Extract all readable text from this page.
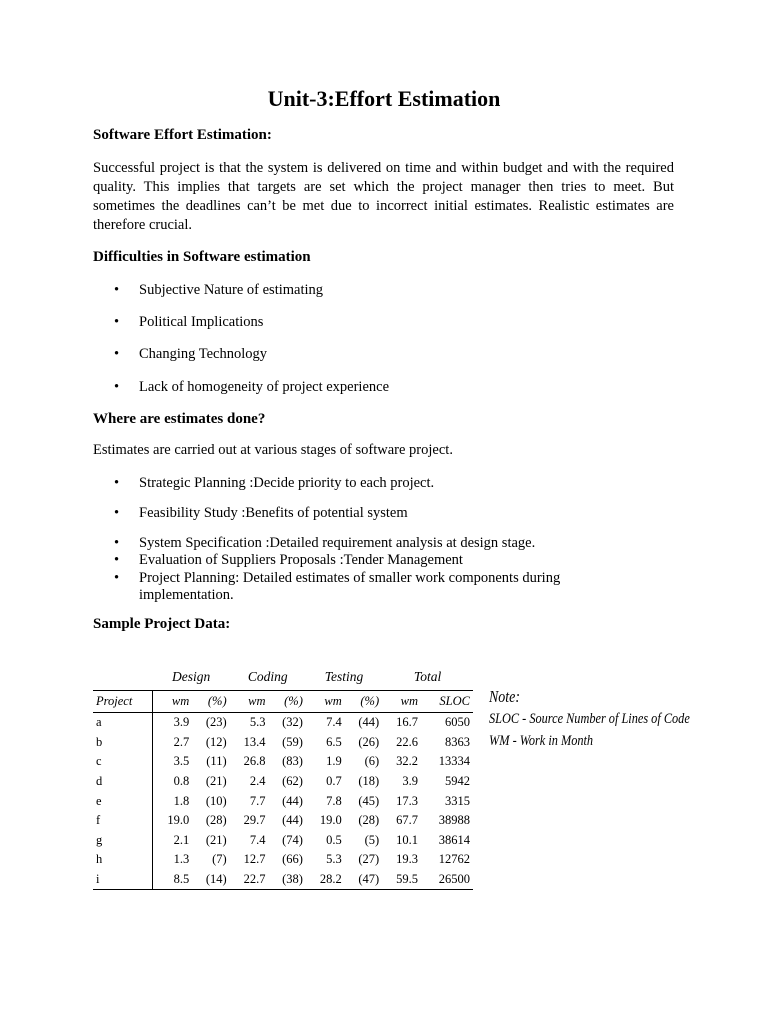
Unit-3:Effort Estimation

Software Effort Estimation:

Successful project is that the system is delivered on time and within budget and with the required quality. This implies that targets are set which the project manager then tries to meet. But sometimes the deadlines can’t be met due to incorrect initial estimates. Realistic estimates are therefore crucial.

Difficulties in Software estimation

• Subjective Nature of estimating

• Political Implications

• Changing Technology

• Lack of homogeneity of project experience

Where are estimates done?

Estimates are carried out at various stages of software project.

• Strategic Planning :Decide priority to each project.

• Feasibility Study :Benefits of potential system

• System Specification :Detailed requirement analysis at design stage.

• Evaluation of Suppliers Proposals :Tender Management

• Project Planning: Detailed estimates of smaller work components during implementation.

Sample Project Data:

	Design		Coding		Testing		Total	
Project	wm	(%)	wm	(%)	wm	(%)	wm	SLOC
a	3.9	(23)	5.3	(32)	7.4	(44)	16.7	6050
b	2.7	(12)	13.4	(59)	6.5	(26)	22.6	8363
c	3.5	(11)	26.8	(83)	1.9	(6)	32.2	13334
d	0.8	(21)	2.4	(62)	0.7	(18)	3.9	5942
e	1.8	(10)	7.7	(44)	7.8	(45)	17.3	3315
f	19.0	(28)	29.7	(44)	19.0	(28)	67.7	38988
g	2.1	(21)	7.4	(74)	0.5	(5)	10.1	38614
h	1.3	(7)	12.7	(66)	5.3	(27)	19.3	12762
i	8.5	(14)	22.7	(38)	28.2	(47)	59.5	26500
Note:
SLOC - Source Number of Lines of Code
WM - Work in Month
